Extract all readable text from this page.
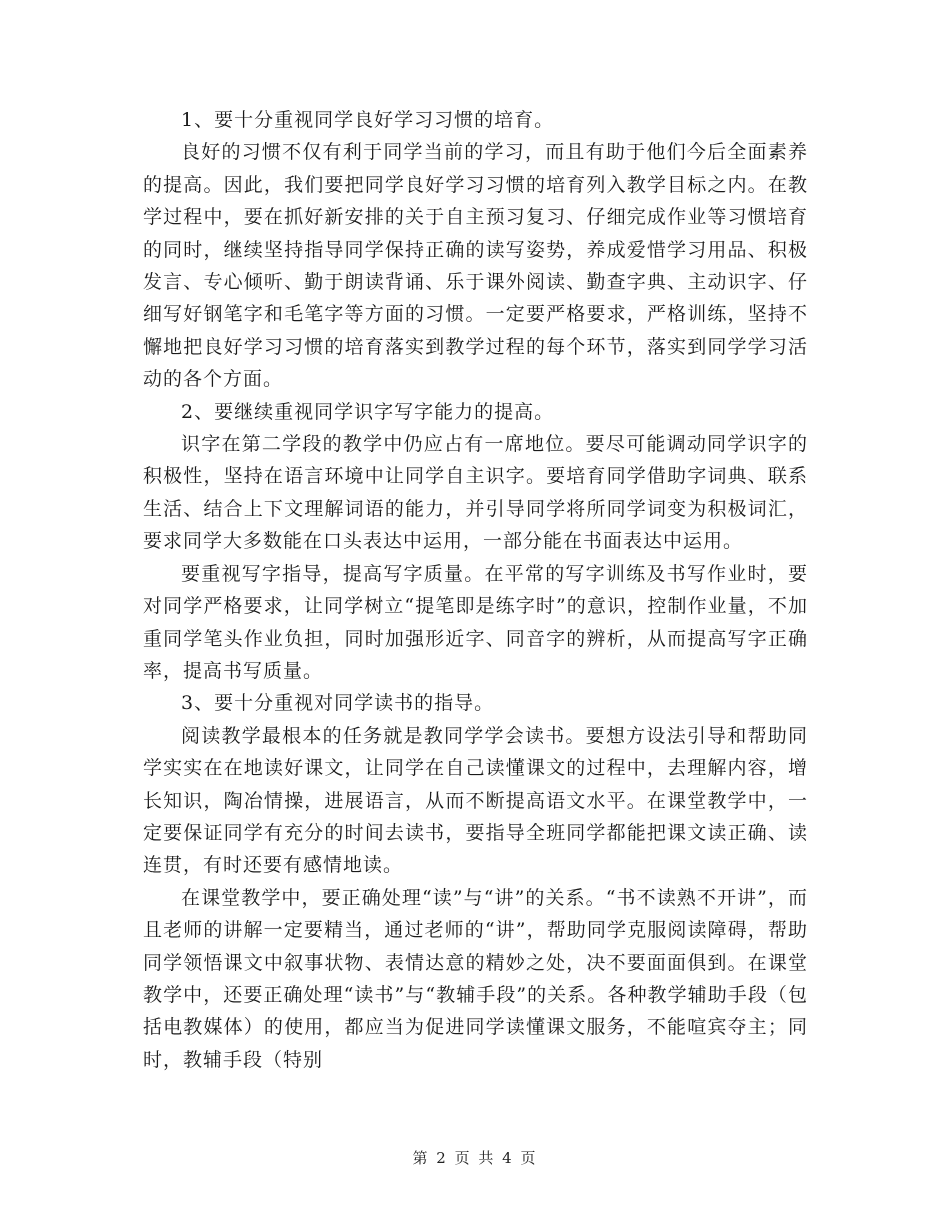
1、要十分重视同学良好学习习惯的培育。

良好的习惯不仅有利于同学当前的学习，而且有助于他们今后全面素养的提高。因此，我们要把同学良好学习习惯的培育列入教学目标之内。在教学过程中，要在抓好新安排的关于自主预习复习、仔细完成作业等习惯培育的同时，继续坚持指导同学保持正确的读写姿势，养成爱惜学习用品、积极发言、专心倾听、勤于朗读背诵、乐于课外阅读、勤查字典、主动识字、仔细写好钢笔字和毛笔字等方面的习惯。一定要严格要求，严格训练，坚持不懈地把良好学习习惯的培育落实到教学过程的每个环节，落实到同学学习活动的各个方面。

2、要继续重视同学识字写字能力的提高。

识字在第二学段的教学中仍应占有一席地位。要尽可能调动同学识字的积极性，坚持在语言环境中让同学自主识字。要培育同学借助字词典、联系生活、结合上下文理解词语的能力，并引导同学将所同学词变为积极词汇，要求同学大多数能在口头表达中运用，一部分能在书面表达中运用。

要重视写字指导，提高写字质量。在平常的写字训练及书写作业时，要对同学严格要求，让同学树立“提笔即是练字时”的意识，控制作业量，不加重同学笔头作业负担，同时加强形近字、同音字的辨析，从而提高写字正确率，提高书写质量。

3、要十分重视对同学读书的指导。

阅读教学最根本的任务就是教同学学会读书。要想方设法引导和帮助同学实实在在地读好课文，让同学在自己读懂课文的过程中，去理解内容，增长知识，陶冶情操，进展语言，从而不断提高语文水平。在课堂教学中，一定要保证同学有充分的时间去读书，要指导全班同学都能把课文读正确、读连贯，有时还要有感情地读。

在课堂教学中，要正确处理“读”与“讲”的关系。“书不读熟不开讲”，而且老师的讲解一定要精当，通过老师的“讲”，帮助同学克服阅读障碍，帮助同学领悟课文中叙事状物、表情达意的精妙之处，决不要面面俱到。在课堂教学中，还要正确处理“读书”与“教辅手段”的关系。各种教学辅助手段（包括电教媒体）的使用，都应当为促进同学读懂课文服务，不能喧宾夺主；同时，教辅手段（特别

第 2 页 共 4 页
